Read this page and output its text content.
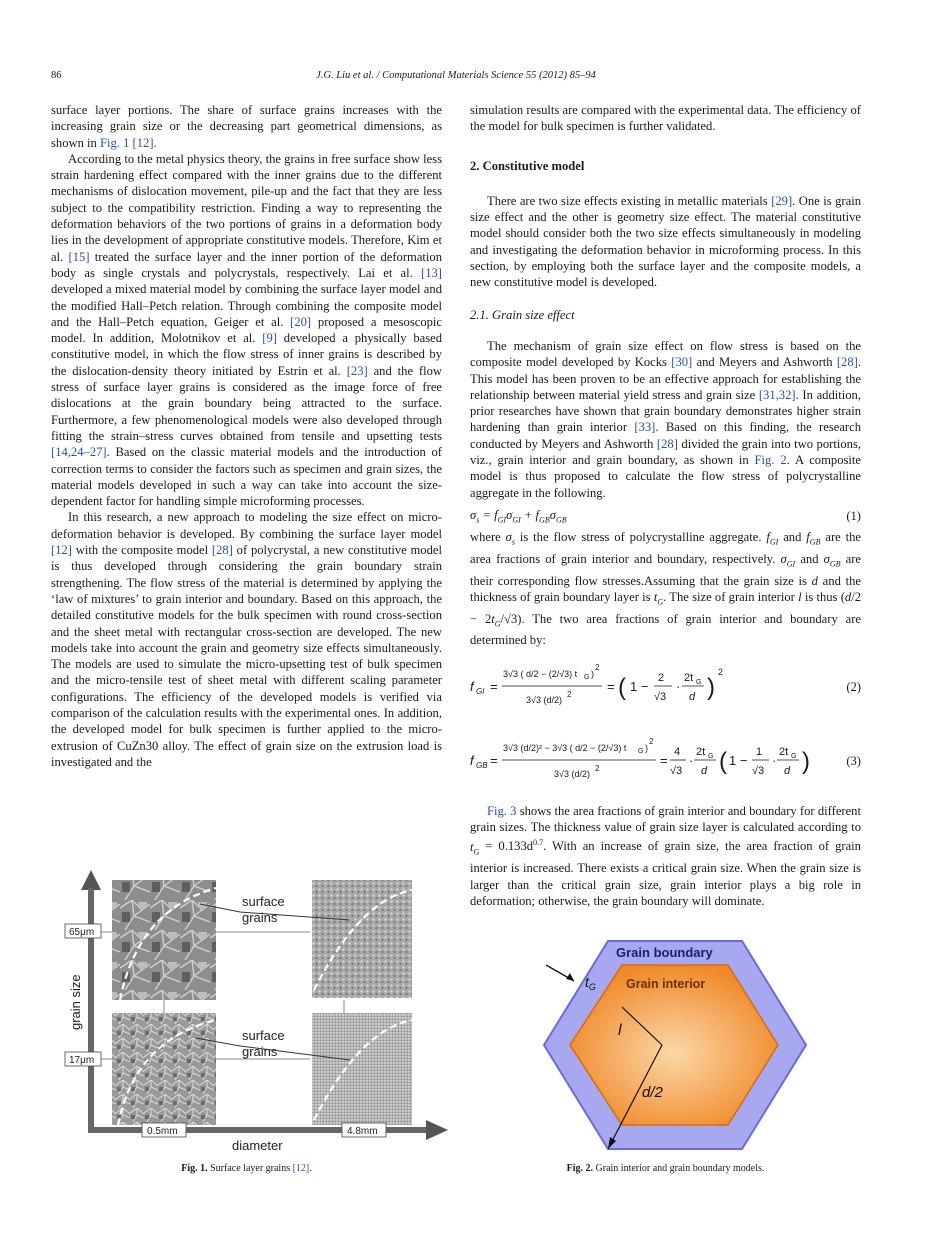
86	J.G. Liu et al. / Computational Materials Science 55 (2012) 85–94

surface layer portions. The share of surface grains increases with the increasing grain size or the decreasing part geometrical dimensions, as shown in Fig. 1 [12].

According to the metal physics theory, the grains in free surface show less strain hardening effect compared with the inner grains due to the different mechanisms of dislocation movement, pile-up and the fact that they are less subject to the compatibility restriction. Finding a way to representing the deformation behaviors of the two portions of grains in a deformation body lies in the development of appropriate constitutive models. Therefore, Kim et al. [15] treated the surface layer and the inner portion of the deformation body as single crystals and polycrystals, respectively. Lai et al. [13] developed a mixed material model by combining the surface layer model and the modified Hall–Petch relation. Through combining the composite model and the Hall–Petch equation, Geiger et al. [20] proposed a mesoscopic model. In addition, Molotnikov et al. [9] developed a physically based constitutive model, in which the flow stress of inner grains is described by the dislocation-density theory initiated by Estrin et al. [23] and the flow stress of surface layer grains is considered as the image force of free dislocations at the grain boundary being attracted to the surface. Furthermore, a few phenomenological models were also developed through fitting the strain–stress curves obtained from tensile and upsetting tests [14,24–27]. Based on the classic material models and the introduction of correction terms to consider the factors such as specimen and grain sizes, the material models developed in such a way can take into account the size-dependent factor for handling simple microforming processes.

In this research, a new approach to modeling the size effect on micro-deformation behavior is developed. By combining the surface layer model [12] with the composite model [28] of polycrystal, a new constitutive model is thus developed through considering the grain boundary strain strengthening. The flow stress of the material is determined by applying the ‘law of mixtures’ to grain interior and boundary. Based on this approach, the detailed constitutive models for the bulk specimen with round cross-section and the sheet metal with rectangular cross-section are developed. The new models take into account the grain and geometry size effects simultaneously. The models are used to simulate the micro-upsetting test of bulk specimen and the micro-tensile test of sheet metal with different scaling parameter configurations. The efficiency of the developed models is verified via comparison of the calculation results with the experimental ones. In addition, the developed model for bulk specimen is further applied to the micro-extrusion of CuZn30 alloy. The effect of grain size on the extrusion load is investigated and the

simulation results are compared with the experimental data. The efficiency of the model for bulk specimen is further validated.

2. Constitutive model

There are two size effects existing in metallic materials [29]. One is grain size effect and the other is geometry size effect. The material constitutive model should consider both the two size effects simultaneously in modeling and investigating the deformation behavior in microforming process. In this section, by employing both the surface layer and the composite models, a new constitutive model is developed.

2.1. Grain size effect

The mechanism of grain size effect on flow stress is based on the composite model developed by Kocks [30] and Meyers and Ashworth [28]. This model has been proven to be an effective approach for establishing the relationship between material yield stress and grain size [31,32]. In addition, prior researches have shown that grain boundary demonstrates higher strain hardening than grain interior [33]. Based on this finding, the research conducted by Meyers and Ashworth [28] divided the grain into two portions, viz., grain interior and grain boundary, as shown in Fig. 2. A composite model is thus proposed to calculate the flow stress of polycrystalline aggregate in the following.

$\sigma_s = f_{GI}\sigma_{GI} + f_{GB}\sigma_{GB}$	(1)

where $\sigma_s$ is the flow stress of polycrystalline aggregate. $f_{GI}$ and $f_{GB}$ are the area fractions of grain interior and boundary, respectively. $\sigma_{GI}$ and $\sigma_{GB}$ are their corresponding flow stresses.Assuming that the grain size is d and the thickness of grain boundary layer is $t_G$. The size of grain interior l is thus $(d/2 - 2t_G/√3)$. The two area fractions of grain interior and boundary are determined by:

f GI =
3√3 ( d/2 − (2/√3) t G )
2
3√3 (d/2)
2
= ( 1 −
2
√3
·
2t G
d )
2
(2)
f GB =
3√3 (d/2)² − 3√3 ( d/2 − (2/√3) t G )
2
3√3 (d/2)
2
=
4
√3
·
2t G
d ( 1 −
1
√3
·
2t G
d )	(3)

Fig. 3 shows the area fractions of grain interior and boundary for different grain sizes. The thickness value of grain size layer is calculated according to $t_G = 0.133d^{0.7}$. With an increase of grain size, the area fraction of grain interior is increased. There exists a critical grain size. When the grain size is larger than the critical grain size, grain interior plays a big role in deformation; otherwise, the grain boundary will dominate.

surface
grains
surface
grains
65μm
17μm
0.5mm	4.8mm
grain size
diameter
Fig. 1. Surface layer grains [12].
Grain boundary
Grain interior
$t_G$
l
d/2
Fig. 2. Grain interior and grain boundary models.
